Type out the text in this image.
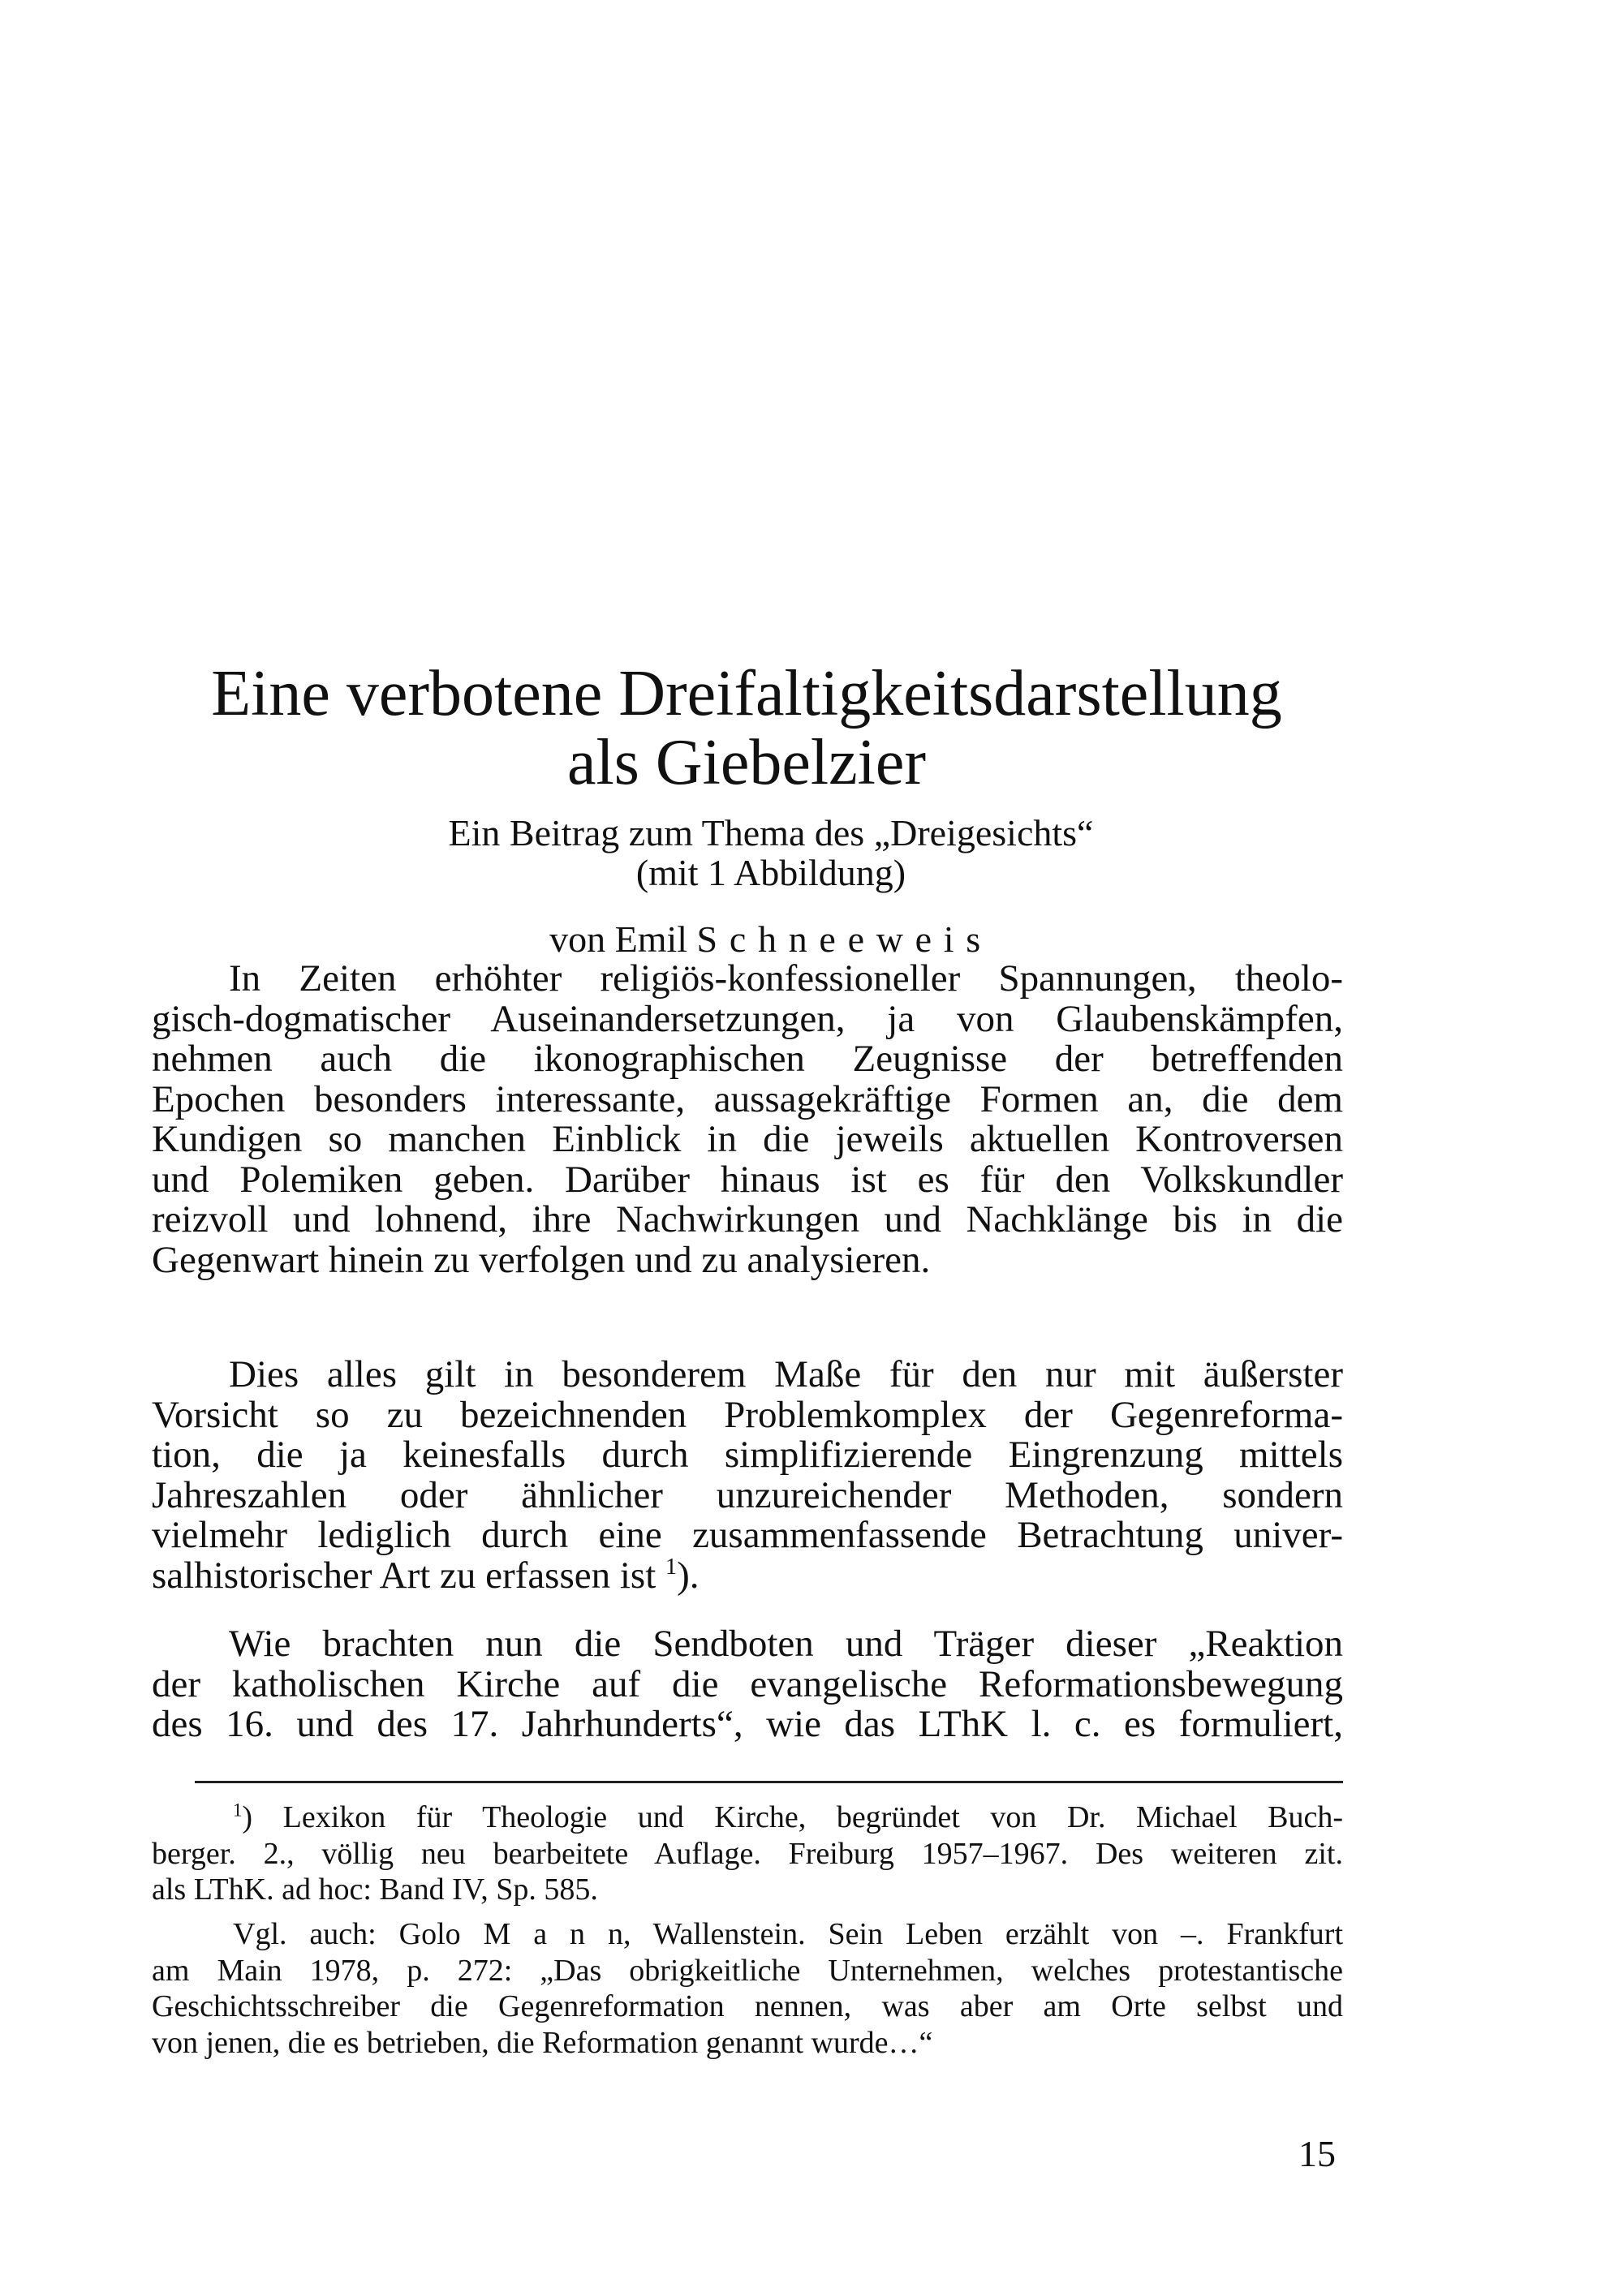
Eine verbotene Dreifaltigkeitsdarstellung
als Giebelzier
Ein Beitrag zum Thema des „Dreigesichts“
(mit 1 Abbildung)
von Emil Schneeweis
In Zeiten erhöhter religiös-konfessioneller Spannungen, theolo-
gisch-dogmatischer Auseinandersetzungen, ja von Glaubenskämpfen,
nehmen auch die ikonographischen Zeugnisse der betreffenden
Epochen besonders interessante, aussagekräftige Formen an, die dem
Kundigen so manchen Einblick in die jeweils aktuellen Kontroversen
und Polemiken geben. Darüber hinaus ist es für den Volkskundler
reizvoll und lohnend, ihre Nachwirkungen und Nachklänge bis in die
Gegenwart hinein zu verfolgen und zu analysieren.
Dies alles gilt in besonderem Maße für den nur mit äußerster
Vorsicht so zu bezeichnenden Problemkomplex der Gegenreforma-
tion, die ja keinesfalls durch simplifizierende Eingrenzung mittels
Jahreszahlen oder ähnlicher unzureichender Methoden, sondern
vielmehr lediglich durch eine zusammenfassende Betrachtung univer-
salhistorischer Art zu erfassen ist $^1$).
Wie brachten nun die Sendboten und Träger dieser „Reaktion
der katholischen Kirche auf die evangelische Reformationsbewegung
des 16. und des 17. Jahrhunderts“, wie das LThK l. c. es formuliert,
$^1$) Lexikon für Theologie und Kirche, begründet von Dr. Michael Buch-
berger. 2., völlig neu bearbeitete Auflage. Freiburg 1957–1967. Des weiteren zit.
als LThK. ad hoc: Band IV, Sp. 585.
Vgl. auch: Golo M a n n, Wallenstein. Sein Leben erzählt von –. Frankfurt
am Main 1978, p. 272: „Das obrigkeitliche Unternehmen, welches protestantische
Geschichtsschreiber die Gegenreformation nennen, was aber am Orte selbst und
von jenen, die es betrieben, die Reformation genannt wurde…“
15
